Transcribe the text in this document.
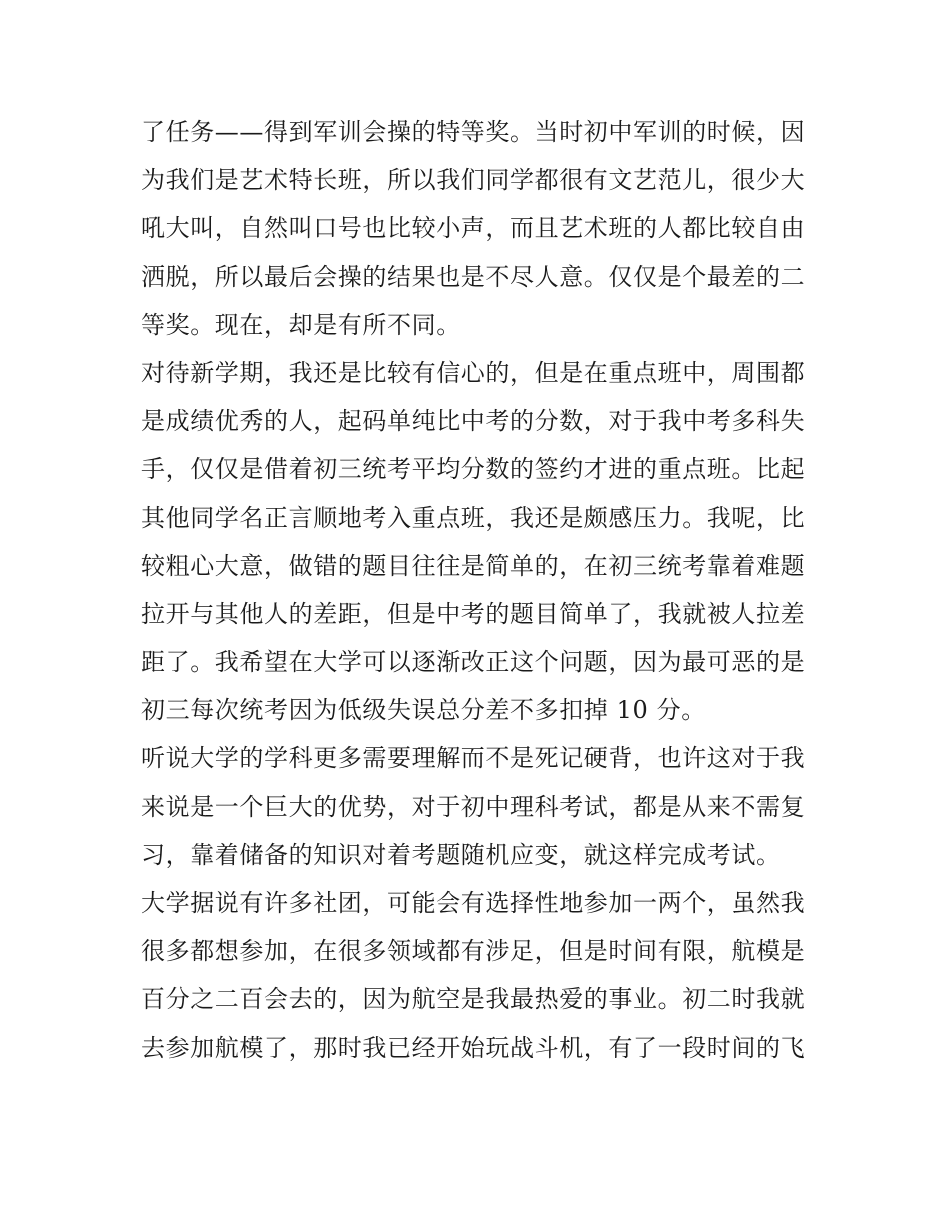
了任务——得到军训会操的特等奖。当时初中军训的时候，因
为我们是艺术特长班，所以我们同学都很有文艺范儿，很少大
吼大叫，自然叫口号也比较小声，而且艺术班的人都比较自由
洒脱，所以最后会操的结果也是不尽人意。仅仅是个最差的二
等奖。现在，却是有所不同。
对待新学期，我还是比较有信心的，但是在重点班中，周围都
是成绩优秀的人，起码单纯比中考的分数，对于我中考多科失
手，仅仅是借着初三统考平均分数的签约才进的重点班。比起
其他同学名正言顺地考入重点班，我还是颇感压力。我呢，比
较粗心大意，做错的题目往往是简单的，在初三统考靠着难题
拉开与其他人的差距，但是中考的题目简单了，我就被人拉差
距了。我希望在大学可以逐渐改正这个问题，因为最可恶的是
初三每次统考因为低级失误总分差不多扣掉 10 分。
听说大学的学科更多需要理解而不是死记硬背，也许这对于我
来说是一个巨大的优势，对于初中理科考试，都是从来不需复
习，靠着储备的知识对着考题随机应变，就这样完成考试。
大学据说有许多社团，可能会有选择性地参加一两个，虽然我
很多都想参加，在很多领域都有涉足，但是时间有限，航模是
百分之二百会去的，因为航空是我最热爱的事业。初二时我就
去参加航模了，那时我已经开始玩战斗机，有了一段时间的飞
